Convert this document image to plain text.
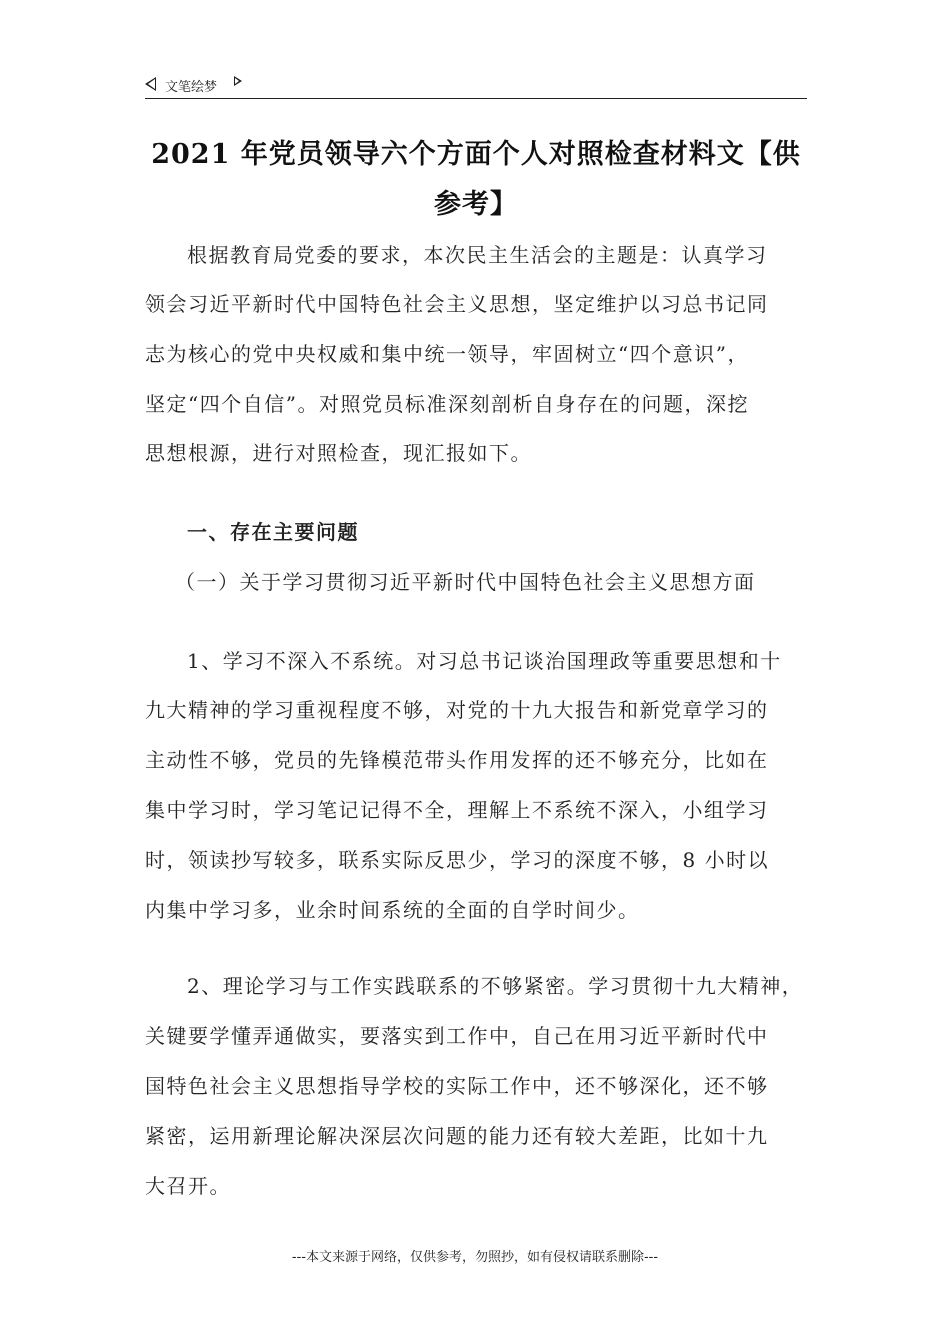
文笔绘梦
2021 年党员领导六个方面个人对照检查材料文【供
参考】
根据教育局党委的要求，本次民主生活会的主题是：认真学习
领会习近平新时代中国特色社会主义思想，坚定维护以习总书记同
志为核心的党中央权威和集中统一领导，牢固树立“四个意识”，
坚定“四个自信”。对照党员标准深刻剖析自身存在的问题，深挖
思想根源，进行对照检查，现汇报如下。
一、存在主要问题
（一）关于学习贯彻习近平新时代中国特色社会主义思想方面
1、学习不深入不系统。对习总书记谈治国理政等重要思想和十
九大精神的学习重视程度不够，对党的十九大报告和新党章学习的
主动性不够，党员的先锋模范带头作用发挥的还不够充分，比如在
集中学习时，学习笔记记得不全，理解上不系统不深入，小组学习
时，领读抄写较多，联系实际反思少，学习的深度不够，8 小时以
内集中学习多，业余时间系统的全面的自学时间少。
2、理论学习与工作实践联系的不够紧密。学习贯彻十九大精神，
关键要学懂弄通做实，要落实到工作中，自己在用习近平新时代中
国特色社会主义思想指导学校的实际工作中，还不够深化，还不够
紧密，运用新理论解决深层次问题的能力还有较大差距，比如十九
大召开。
---本文来源于网络，仅供参考，勿照抄，如有侵权请联系删除---
